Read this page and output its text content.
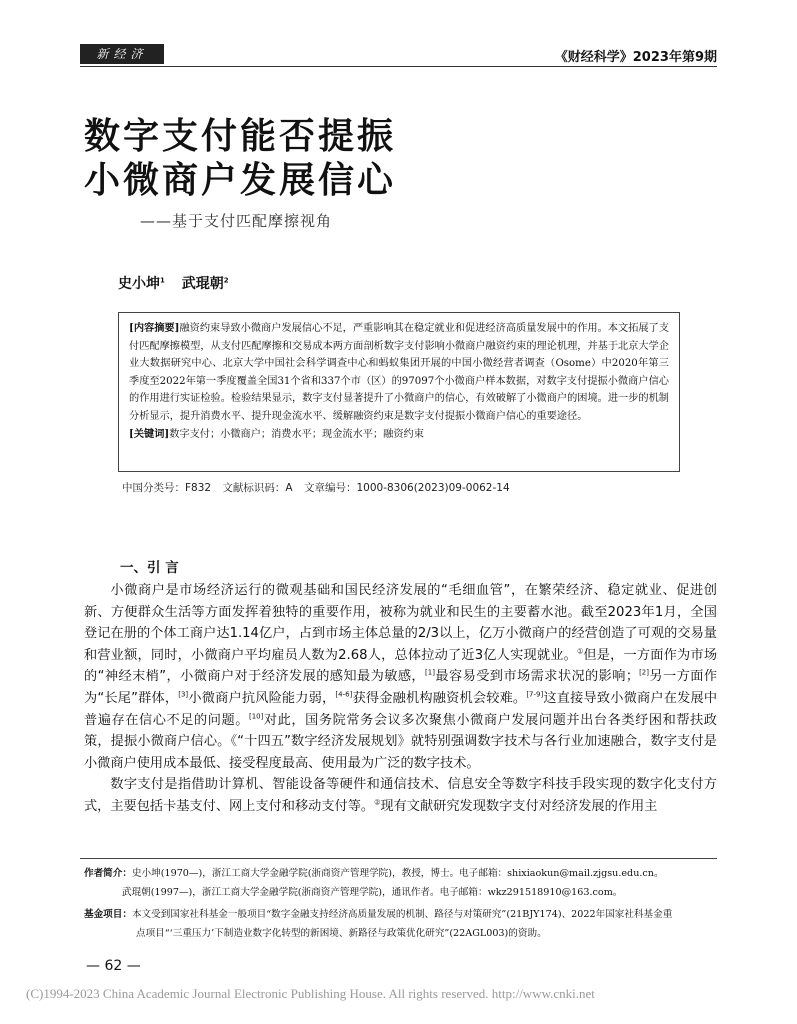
新经济	《财经科学》2023年第9期
数字支付能否提振
小微商户发展信心
——基于支付匹配摩擦视角
史小坤$^1$ 武琨朝$^2$
[内容摘要]融资约束导致小微商户发展信心不足，严重影响其在稳定就业和促进经济高质量发展中的作用。本文拓展了支付匹配摩擦模型，从支付匹配摩擦和交易成本两方面剖析数字支付影响小微商户融资约束的理论机理，并基于北京大学企业大数据研究中心、北京大学中国社会科学调查中心和蚂蚁集团开展的中国小微经营者调查（Osome）中2020年第三季度至2022年第一季度覆盖全国31个省和337个市（区）的97097个小微商户样本数据，对数字支付提振小微商户信心的作用进行实证检验。检验结果显示，数字支付显著提升了小微商户的信心，有效破解了小微商户的困境。进一步的机制分析显示，提升消费水平、提升现金流水平、缓解融资约束是数字支付提振小微商户信心的重要途径。
[关键词]数字支付；小微商户；消费水平；现金流水平；融资约束
中国分类号：F832 文献标识码：A 文章编号：1000-8306(2023)09-0062-14
一、引 言

小微商户是市场经济运行的微观基础和国民经济发展的“毛细血管”，在繁荣经济、稳定就业、促进创新、方便群众生活等方面发挥着独特的重要作用，被称为就业和民生的主要蓄水池。截至2023年1月，全国登记在册的个体工商户达1.14亿户，占到市场主体总量的2/3以上，亿万小微商户的经营创造了可观的交易量和营业额，同时，小微商户平均雇员人数为2.68人，总体拉动了近3亿人实现就业。①但是，一方面作为市场的“神经末梢”，小微商户对于经济发展的感知最为敏感，[1]最容易受到市场需求状况的影响；[2]另一方面作为“长尾”群体，[3]小微商户抗风险能力弱，[4-6]获得金融机构融资机会较难。[7-9]这直接导致小微商户在发展中普遍存在信心不足的问题。[10]对此，国务院常务会议多次聚焦小微商户发展问题并出台各类纾困和帮扶政策，提振小微商户信心。《“十四五”数字经济发展规划》就特别强调数字技术与各行业加速融合，数字支付是小微商户使用成本最低、接受程度最高、使用最为广泛的数字技术。

数字支付是指借助计算机、智能设备等硬件和通信技术、信息安全等数字科技手段实现的数字化支付方式，主要包括卡基支付、网上支付和移动支付等。②现有文献研究发现数字支付对经济发展的作用主

作者简介：史小坤(1970—)，浙江工商大学金融学院(浙商资产管理学院)，教授，博士。电子邮箱：shixiaokun@mail.zjgsu.edu.cn。
武琨朝(1997—)，浙江工商大学金融学院(浙商资产管理学院)，通讯作者。电子邮箱：wkz2915189​10@163.com。
基金项目：本文受到国家社科基金一般项目“数字金融支持经济高质量发展的机制、路径与对策研究”(21BJY174)、2022年国家社科基金重
点项目“‘三重压力’下制造业数字化转型的新困境、新路径与政策优化研究”(22AGL003)的资助。
— 62 —
(C)1994-2023 China Academic Journal Electronic Publishing House. All rights reserved. http://www.cnki.net
